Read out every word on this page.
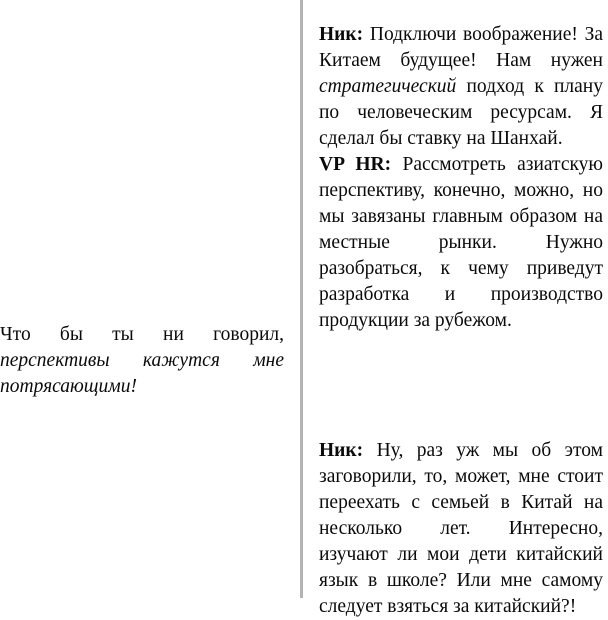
Что бы ты ни говорил, перспективы кажутся мне потрясающими!

Ник: Подключи воображение! За Китаем будущее! Нам нужен стратегический подход к плану по человеческим ресурсам. Я сделал бы ставку на Шанхай.

VP HR: Рассмотреть азиатскую перспективу, конечно, можно, но мы завязаны главным образом на местные рынки. Нужно разобраться, к чему приведут разработка и производство продукции за рубежом.

Ник: Ну, раз уж мы об этом заговорили, то, может, мне стоит переехать с семьей в Китай на несколько лет. Интересно, изучают ли мои дети китайский язык в школе? Или мне самому следует взяться за китайский?!
